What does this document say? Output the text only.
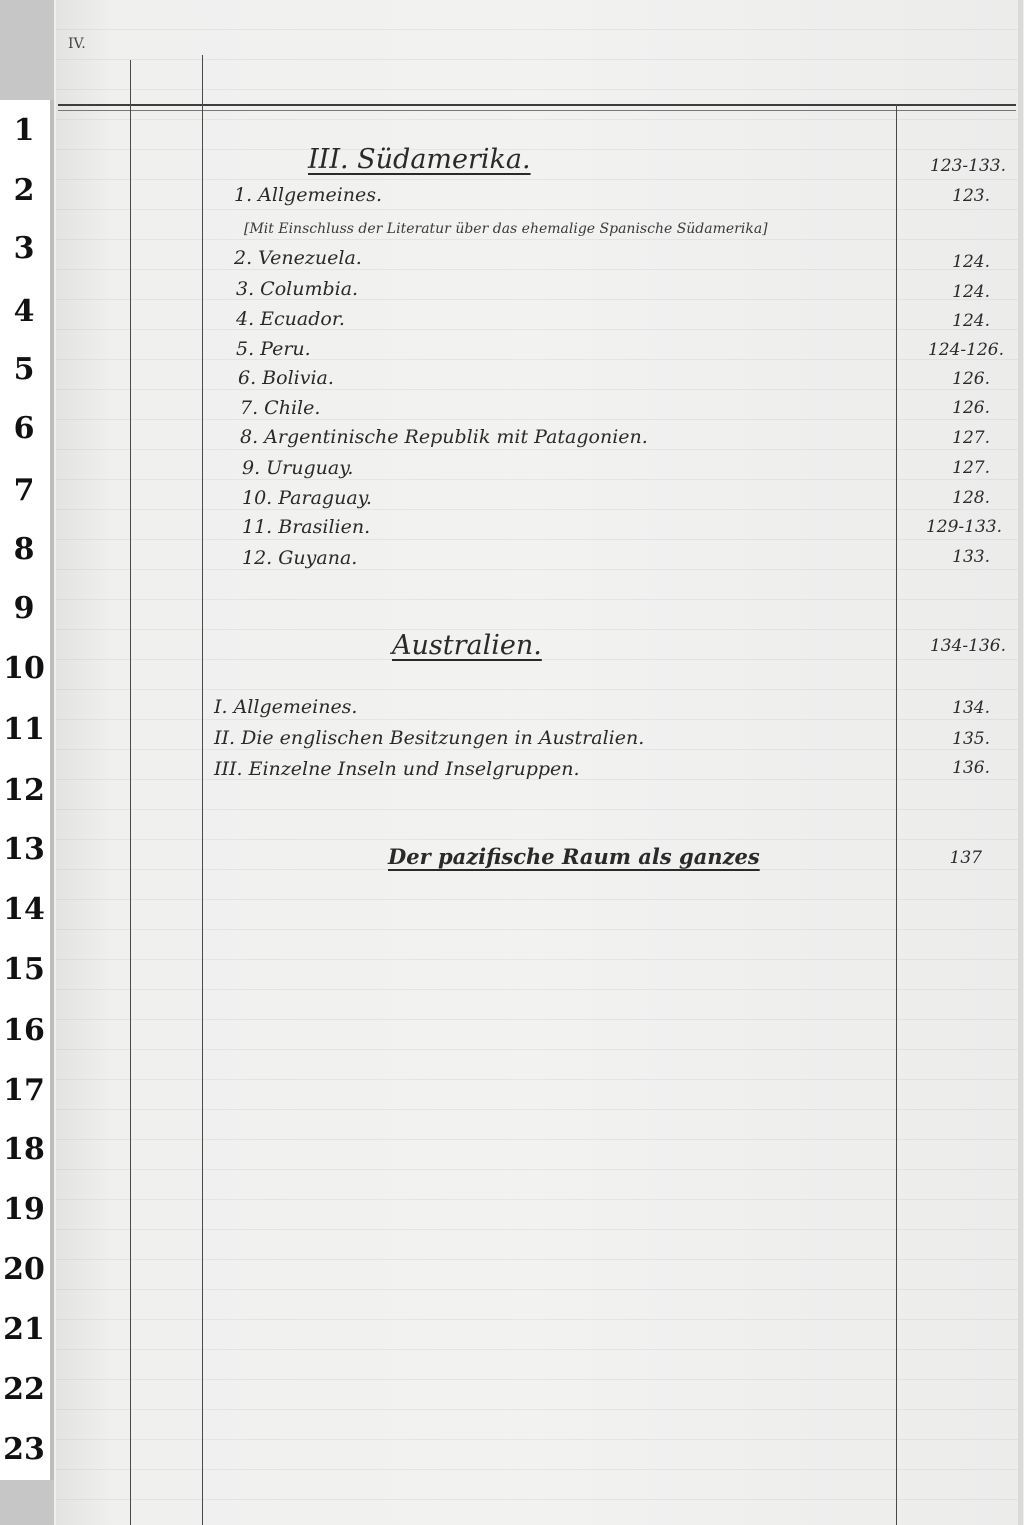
1
2
3
4
5
6
7
8
9
10
11
12
13
14
15
16
17
18
19
20
21
22
23
IV.
III. Südamerika.	123-133.
1. Allgemeines.	123.
[Mit Einschluss der Literatur über das ehemalige Spanische Südamerika]
2. Venezuela.	124.
3. Columbia.	124.
4. Ecuador.	124.
5. Peru.	124-126.
6. Bolivia.	126.
7. Chile.	126.
8. Argentinische Republik mit Patagonien.	127.
9. Uruguay.	127.
10. Paraguay.	128.
11. Brasilien.	129-133.
12. Guyana.	133.
Australien.	134-136.
I. Allgemeines.	134.
II. Die englischen Besitzungen in Australien.	135.
III. Einzelne Inseln und Inselgruppen.	136.
Der pazifische Raum als ganzes	137
